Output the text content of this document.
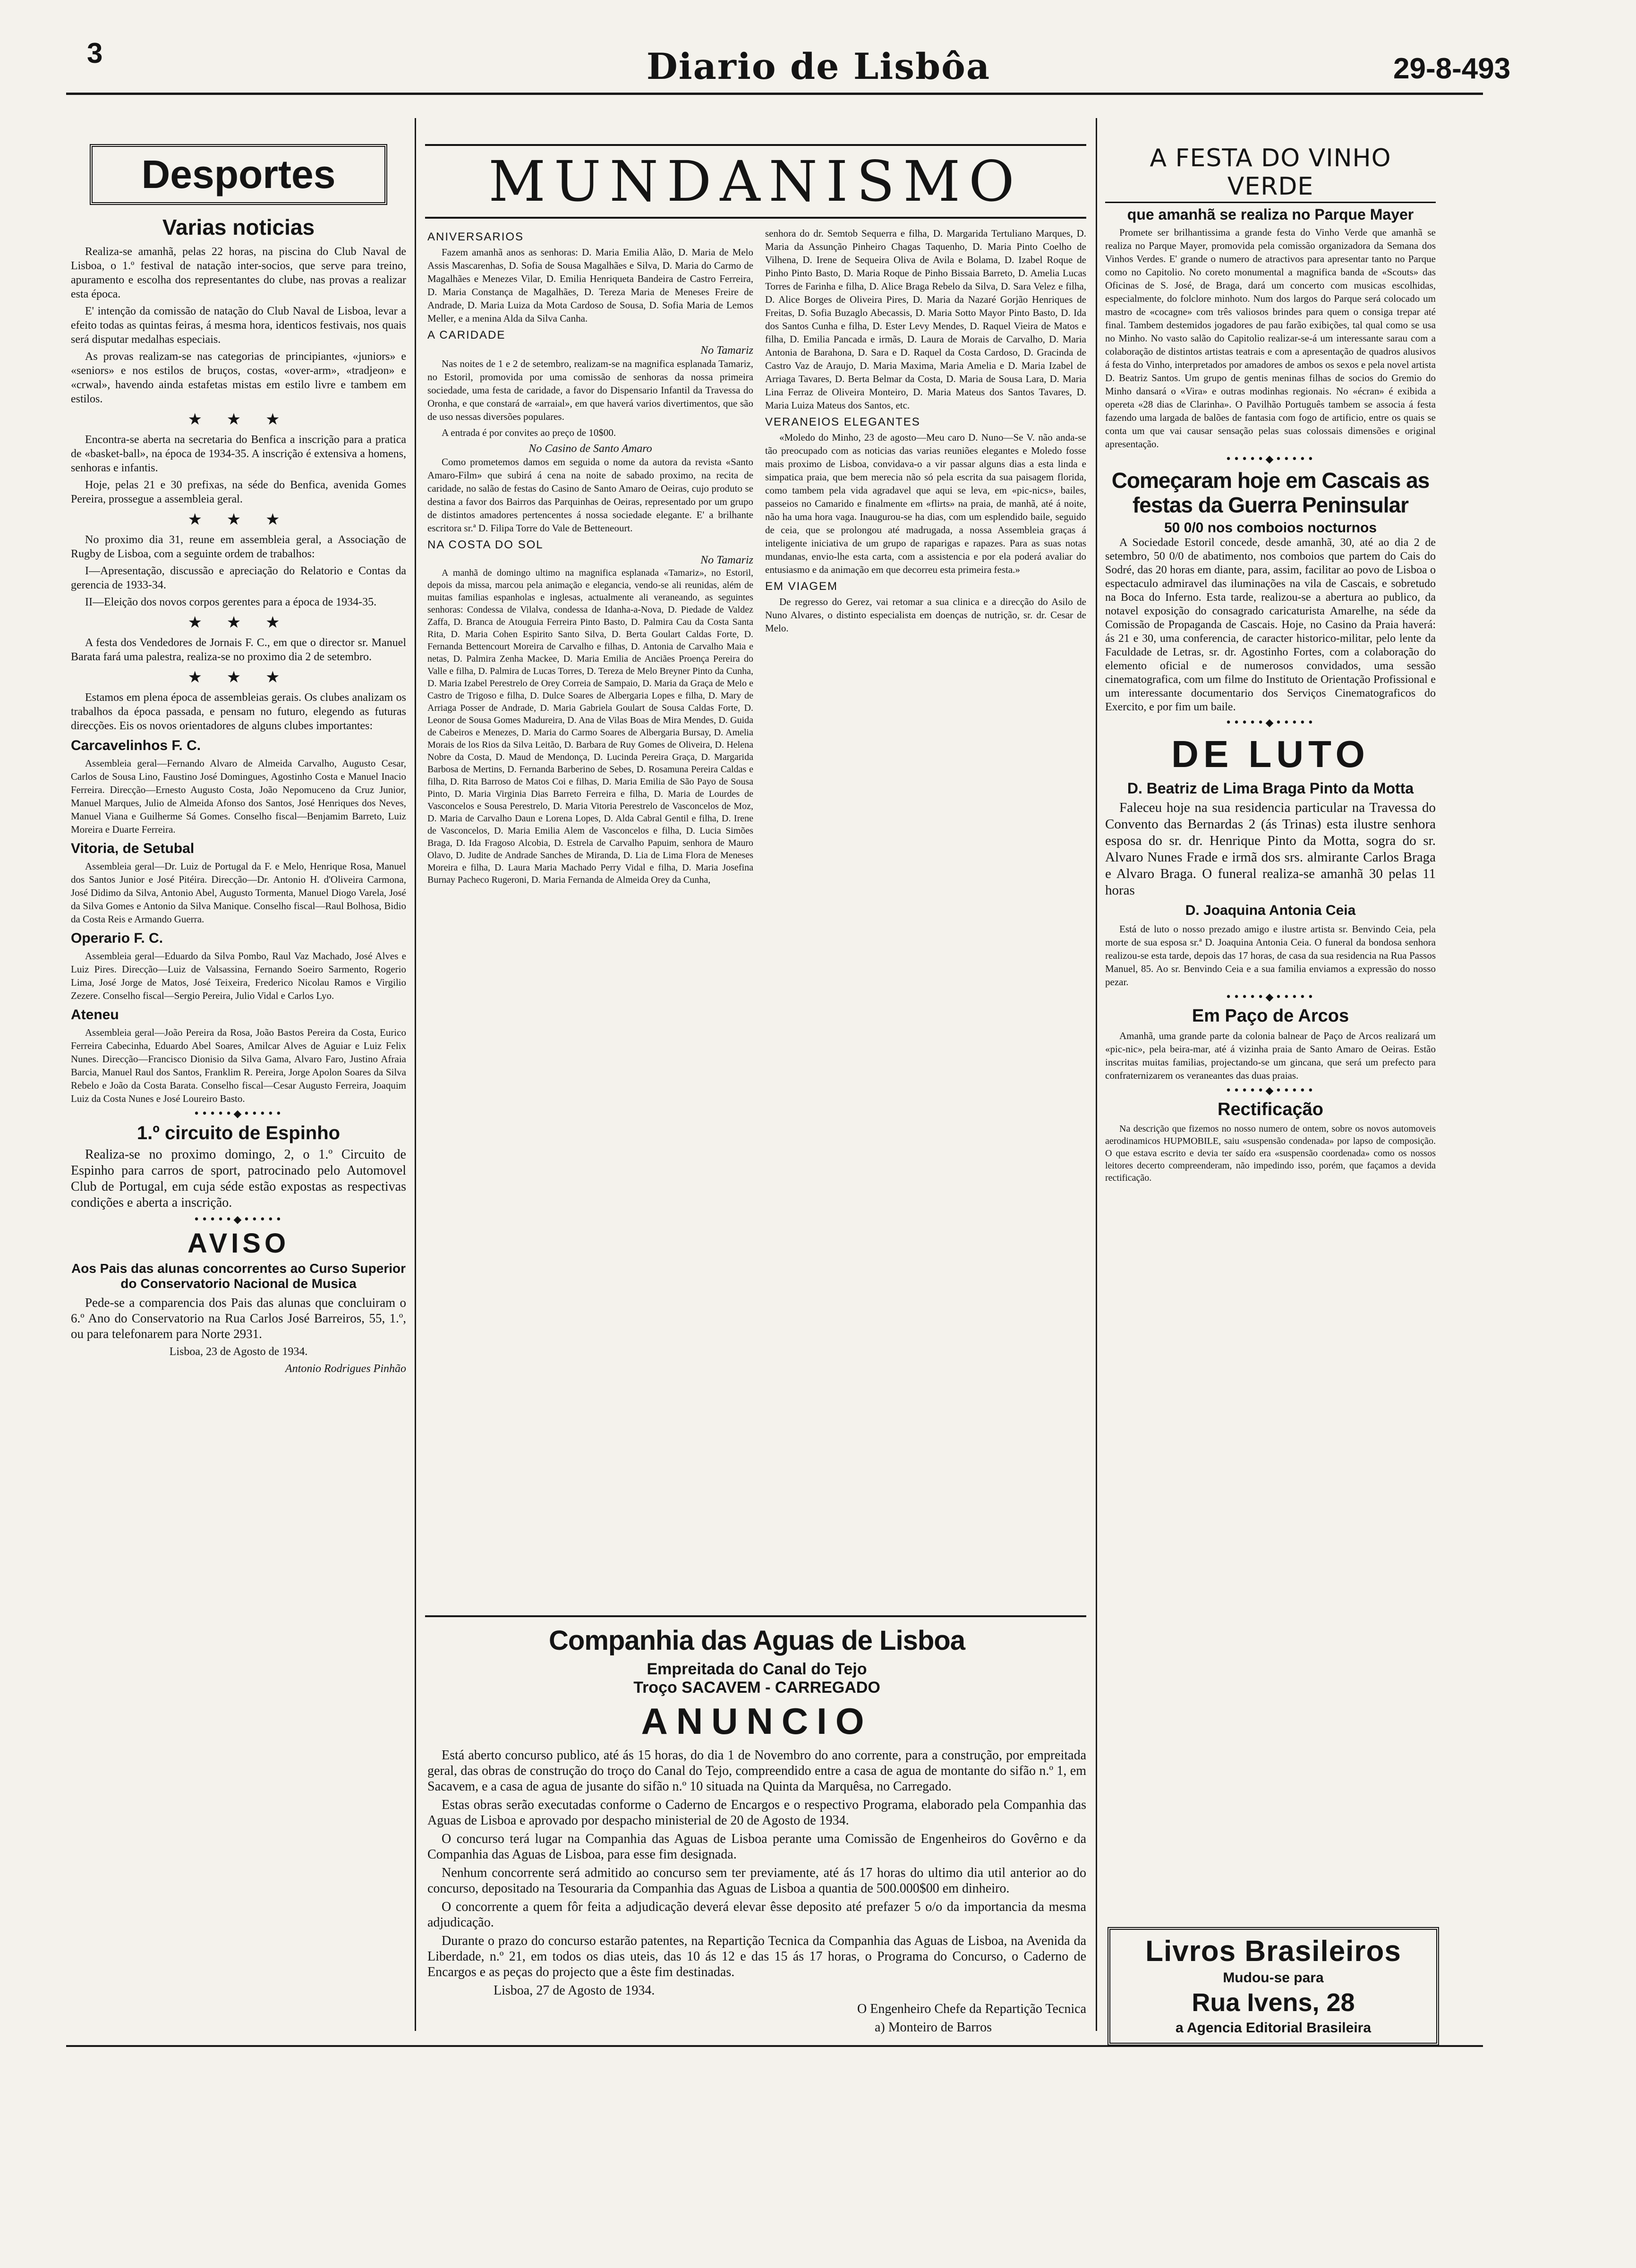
3	Diario de Lisbôa	29-8-493
Desportes
Varias noticias

Realiza-se amanhã, pelas 22 horas, na piscina do Club Naval de Lisboa, o 1.º festival de natação inter-socios, que serve para treino, apuramento e escolha dos representantes do clube, nas provas a realizar esta época.

E' intenção da comissão de natação do Club Naval de Lisboa, levar a efeito todas as quintas feiras, á mesma hora, identicos festivais, nos quais será disputar medalhas especiais.

As provas realizam-se nas categorias de principiantes, «juniors» e «seniors» e nos estilos de bruços, costas, «over-arm», «tradjeon» e «crwal», havendo ainda estafetas mistas em estilo livre e tambem em estilos.

★ ★ ★

Encontra-se aberta na secretaria do Benfica a inscrição para a pratica de «basket-ball», na época de 1934-35. A inscrição é extensiva a homens, senhoras e infantis.

Hoje, pelas 21 e 30 prefixas, na séde do Benfica, avenida Gomes Pereira, prossegue a assembleia geral.

★ ★ ★

No proximo dia 31, reune em assembleia geral, a Associação de Rugby de Lisboa, com a seguinte ordem de trabalhos:

I—Apresentação, discussão e apreciação do Relatorio e Contas da gerencia de 1933-34.

II—Eleição dos novos corpos gerentes para a época de 1934-35.

★ ★ ★

A festa dos Vendedores de Jornais F. C., em que o director sr. Manuel Barata fará uma palestra, realiza-se no proximo dia 2 de setembro.

★ ★ ★

Estamos em plena época de assembleias gerais. Os clubes analizam os trabalhos da época passada, e pensam no futuro, elegendo as futuras direcções. Eis os novos orientadores de alguns clubes importantes:

Carcavelinhos F. C.

Assembleia geral—Fernando Alvaro de Almeida Carvalho, Augusto Cesar, Carlos de Sousa Lino, Faustino José Domingues, Agostinho Costa e Manuel Inacio Ferreira. Direcção—Ernesto Augusto Costa, João Nepomuceno da Cruz Junior, Manuel Marques, Julio de Almeida Afonso dos Santos, José Henriques dos Neves, Manuel Viana e Guilherme Sá Gomes. Conselho fiscal—Benjamim Barreto, Luiz Moreira e Duarte Ferreira.

Vitoria, de Setubal

Assembleia geral—Dr. Luiz de Portugal da F. e Melo, Henrique Rosa, Manuel dos Santos Junior e José Pitéira. Direcção—Dr. Antonio H. d'Oliveira Carmona, José Didimo da Silva, Antonio Abel, Augusto Tormenta, Manuel Diogo Varela, José da Silva Gomes e Antonio da Silva Manique. Conselho fiscal—Raul Bolhosa, Bidio da Costa Reis e Armando Guerra.

Operario F. C.

Assembleia geral—Eduardo da Silva Pombo, Raul Vaz Machado, José Alves e Luiz Pires. Direcção—Luiz de Valsassina, Fernando Soeiro Sarmento, Rogerio Lima, José Jorge de Matos, José Teixeira, Frederico Nicolau Ramos e Virgilio Zezere. Conselho fiscal—Sergio Pereira, Julio Vidal e Carlos Lyo.

Ateneu

Assembleia geral—João Pereira da Rosa, João Bastos Pereira da Costa, Eurico Ferreira Cabecinha, Eduardo Abel Soares, Amilcar Alves de Aguiar e Luiz Felix Nunes. Direcção—Francisco Dionisio da Silva Gama, Alvaro Faro, Justino Afraia Barcia, Manuel Raul dos Santos, Franklim R. Pereira, Jorge Apolon Soares da Silva Rebelo e João da Costa Barata. Conselho fiscal—Cesar Augusto Ferreira, Joaquim Luiz da Costa Nunes e José Loureiro Basto.

•••••◆•••••
1.º circuito de Espinho

Realiza-se no proximo domingo, 2, o 1.º Circuito de Espinho para carros de sport, patrocinado pelo Automovel Club de Portugal, em cuja séde estão expostas as respectivas condições e aberta a inscrição.

•••••◆•••••
AVISO
Aos Pais das alunas concorrentes ao Curso Superior do Conservatorio Nacional de Musica

Pede-se a comparencia dos Pais das alunas que concluiram o 6.º Ano do Conservatorio na Rua Carlos José Barreiros, 55, 1.º, ou para telefonarem para Norte 2931.

Lisboa, 23 de Agosto de 1934.

Antonio Rodrigues Pinhão

MUNDANISMO
ANIVERSARIOS

Fazem amanhã anos as senhoras: D. Maria Emilia Alão, D. Maria de Melo Assis Mascarenhas, D. Sofia de Sousa Magalhães e Silva, D. Maria do Carmo de Magalhães e Menezes Vilar, D. Emilia Henriqueta Bandeira de Castro Ferreira, D. Maria Constança de Magalhães, D. Tereza Maria de Meneses Freire de Andrade, D. Maria Luiza da Mota Cardoso de Sousa, D. Sofia Maria de Lemos Meller, e a menina Alda da Silva Canha.

A CARIDADE
No Tamariz

Nas noites de 1 e 2 de setembro, realizam-se na magnifica esplanada Tamariz, no Estoril, promovida por uma comissão de senhoras da nossa primeira sociedade, uma festa de caridade, a favor do Dispensario Infantil da Travessa do Oronha, e que constará de «arraial», em que haverá varios divertimentos, que são de uso nessas diversões populares.

A entrada é por convites ao preço de 10$00.

No Casino de Santo Amaro

Como prometemos damos em seguida o nome da autora da revista «Santo Amaro-Film» que subirá á cena na noite de sabado proximo, na recita de caridade, no salão de festas do Casino de Santo Amaro de Oeiras, cujo produto se destina a favor dos Bairros das Parquinhas de Oeiras, representado por um grupo de distintos amadores pertencentes á nossa sociedade elegante. E' a brilhante escritora sr.ª D. Filipa Torre do Vale de Betteneourt.

NA COSTA DO SOL
No Tamariz

A manhã de domingo ultimo na magnifica esplanada «Tamariz», no Estoril, depois da missa, marcou pela animação e elegancia, vendo-se ali reunidas, além de muitas familias espanholas e inglesas, actualmente ali veraneando, as seguintes senhoras: Condessa de Vilalva, condessa de Idanha-a-Nova, D. Piedade de Valdez Zaffa, D. Branca de Atouguia Ferreira Pinto Basto, D. Palmira Cau da Costa Santa Rita, D. Maria Cohen Espirito Santo Silva, D. Berta Goulart Caldas Forte, D. Fernanda Bettencourt Moreira de Carvalho e filhas, D. Antonia de Carvalho Maia e netas, D. Palmira Zenha Mackee, D. Maria Emilia de Anciães Proença Pereira do Valle e filha, D. Palmira de Lucas Torres, D. Tereza de Melo Breyner Pinto da Cunha, D. Maria Izabel Perestrelo de Orey Correia de Sampaio, D. Maria da Graça de Melo e Castro de Trigoso e filha, D. Dulce Soares de Albergaria Lopes e filha, D. Mary de Arriaga Posser de Andrade, D. Maria Gabriela Goulart de Sousa Caldas Forte, D. Leonor de Sousa Gomes Madureira, D. Ana de Vilas Boas de Mira Mendes, D. Guida de Cabeiros e Menezes, D. Maria do Carmo Soares de Albergaria Bursay, D. Amelia Morais de los Rios da Silva Leitão, D. Barbara de Ruy Gomes de Oliveira, D. Helena Nobre da Costa, D. Maud de Mendonça, D. Lucinda Pereira Graça, D. Margarida Barbosa de Mertins, D. Fernanda Barberino de Sebes, D. Rosamuna Pereira Caldas e filha, D. Rita Barroso de Matos Coi e filhas, D. Maria Emilia de São Payo de Sousa Pinto, D. Maria Virginia Dias Barreto Ferreira e filha, D. Maria de Lourdes de Vasconcelos e Sousa Perestrelo, D. Maria Vitoria Perestrelo de Vasconcelos de Moz, D. Maria de Carvalho Daun e Lorena Lopes, D. Alda Cabral Gentil e filha, D. Irene de Vasconcelos, D. Maria Emilia Alem de Vasconcelos e filha, D. Lucia Simões Braga, D. Ida Fragoso Alcobia, D. Estrela de Carvalho Papuim, senhora de Mauro Olavo, D. Judite de Andrade Sanches de Miranda, D. Lia de Lima Flora de Meneses Moreira e filha, D. Laura Maria Machado Perry Vidal e filha, D. Maria Josefina Burnay Pacheco Rugeroni, D. Maria Fernanda de Almeida Orey da Cunha,

senhora do dr. Semtob Sequerra e filha, D. Margarida Tertuliano Marques, D. Maria da Assunção Pinheiro Chagas Taquenho, D. Maria Pinto Coelho de Vilhena, D. Irene de Sequeira Oliva de Avila e Bolama, D. Izabel Roque de Pinho Pinto Basto, D. Maria Roque de Pinho Bissaia Barreto, D. Amelia Lucas Torres de Farinha e filha, D. Alice Braga Rebelo da Silva, D. Sara Velez e filha, D. Alice Borges de Oliveira Pires, D. Maria da Nazaré Gorjão Henriques de Freitas, D. Sofia Buzaglo Abecassis, D. Maria Sotto Mayor Pinto Basto, D. Ida dos Santos Cunha e filha, D. Ester Levy Mendes, D. Raquel Vieira de Matos e filha, D. Emilia Pancada e irmãs, D. Laura de Morais de Carvalho, D. Maria Antonia de Barahona, D. Sara e D. Raquel da Costa Cardoso, D. Gracinda de Castro Vaz de Araujo, D. Maria Maxima, Maria Amelia e D. Maria Izabel de Arriaga Tavares, D. Berta Belmar da Costa, D. Maria de Sousa Lara, D. Maria Lina Ferraz de Oliveira Monteiro, D. Maria Mateus dos Santos Tavares, D. Maria Luiza Mateus dos Santos, etc.

VERANEIOS ELEGANTES

«Moledo do Minho, 23 de agosto—Meu caro D. Nuno—Se V. não anda-se tão preocupado com as noticias das varias reuniões elegantes e Moledo fosse mais proximo de Lisboa, convidava-o a vir passar alguns dias a esta linda e simpatica praia, que bem merecia não só pela escrita da sua paisagem florida, como tambem pela vida agradavel que aqui se leva, em «pic-nics», bailes, passeios no Camarido e finalmente em «flirts» na praia, de manhã, até á noite, não ha uma hora vaga. Inaugurou-se ha dias, com um esplendido baile, seguido de ceia, que se prolongou até madrugada, a nossa Assembleia graças á inteligente iniciativa de um grupo de raparigas e rapazes. Para as suas notas mundanas, envio-lhe esta carta, com a assistencia e por ela poderá avaliar do entusiasmo e da animação em que decorreu esta primeira festa.»

EM VIAGEM

De regresso do Gerez, vai retomar a sua clinica e a direcção do Asilo de Nuno Alvares, o distinto especialista em doenças de nutrição, sr. dr. Cesar de Melo.

Companhia das Aguas de Lisboa
Empreitada do Canal do Tejo
Troço SACAVEM - CARREGADO
ANUNCIO

Está aberto concurso publico, até ás 15 horas, do dia 1 de Novembro do ano corrente, para a construção, por empreitada geral, das obras de construção do troço do Canal do Tejo, compreendido entre a casa de agua de montante do sifão n.º 1, em Sacavem, e a casa de agua de jusante do sifão n.º 10 situada na Quinta da Marquêsa, no Carregado.

Estas obras serão executadas conforme o Caderno de Encargos e o respectivo Programa, elaborado pela Companhia das Aguas de Lisboa e aprovado por despacho ministerial de 20 de Agosto de 1934.

O concurso terá lugar na Companhia das Aguas de Lisboa perante uma Comissão de Engenheiros do Govêrno e da Companhia das Aguas de Lisboa, para esse fim designada.

Nenhum concorrente será admitido ao concurso sem ter previamente, até ás 17 horas do ultimo dia util anterior ao do concurso, depositado na Tesouraria da Companhia das Aguas de Lisboa a quantia de 500.000$00 em dinheiro.

O concorrente a quem fôr feita a adjudicação deverá elevar êsse deposito até prefazer 5 o/o da importancia da mesma adjudicação.

Durante o prazo do concurso estarão patentes, na Repartição Tecnica da Companhia das Aguas de Lisboa, na Avenida da Liberdade, n.º 21, em todos os dias uteis, das 10 ás 12 e das 15 ás 17 horas, o Programa do Concurso, o Caderno de Encargos e as peças do projecto que a êste fim destinadas.

Lisboa, 27 de Agosto de 1934.

O Engenheiro Chefe da Repartição Tecnica

a) Monteiro de Barros

A FESTA DO VINHO VERDE
que amanhã se realiza no Parque Mayer

Promete ser brilhantissima a grande festa do Vinho Verde que amanhã se realiza no Parque Mayer, promovida pela comissão organizadora da Semana dos Vinhos Verdes. E' grande o numero de atractivos para apresentar tanto no Parque como no Capitolio. No coreto monumental a magnifica banda de «Scouts» das Oficinas de S. José, de Braga, dará um concerto com musicas escolhidas, especialmente, do folclore minhoto. Num dos largos do Parque será colocado um mastro de «cocagne» com três valiosos brindes para quem o consiga trepar até final. Tambem destemidos jogadores de pau farão exibições, tal qual como se usa no Minho. No vasto salão do Capitolio realizar-se-á um interessante sarau com a colaboração de distintos artistas teatrais e com a apresentação de quadros alusivos á festa do Vinho, interpretados por amadores de ambos os sexos e pela novel artista D. Beatriz Santos. Um grupo de gentis meninas filhas de socios do Gremio do Minho dansará o «Vira» e outras modinhas regionais. No «écran» é exibida a opereta «28 dias de Clarinha». O Pavilhão Português tambem se associa á festa fazendo uma largada de balões de fantasia com fogo de artificio, entre os quais se conta um que vai causar sensação pelas suas colossais dimensões e original apresentação.

•••••◆•••••
Começaram hoje em Cascais as festas da Guerra Peninsular
50 0/0 nos comboios nocturnos

A Sociedade Estoril concede, desde amanhã, 30, até ao dia 2 de setembro, 50 0/0 de abatimento, nos comboios que partem do Cais do Sodré, das 20 horas em diante, para, assim, facilitar ao povo de Lisboa o espectaculo admiravel das iluminações na vila de Cascais, e sobretudo na Boca do Inferno. Esta tarde, realizou-se a abertura ao publico, da notavel exposição do consagrado caricaturista Amarelhe, na séde da Comissão de Propaganda de Cascais. Hoje, no Casino da Praia haverá: ás 21 e 30, uma conferencia, de caracter historico-militar, pelo lente da Faculdade de Letras, sr. dr. Agostinho Fortes, com a colaboração do elemento oficial e de numerosos convidados, uma sessão cinematografica, com um filme do Instituto de Orientação Profissional e um interessante documentario dos Serviços Cinematograficos do Exercito, e por fim um baile.

•••••◆•••••
DE LUTO
D. Beatriz de Lima Braga Pinto da Motta

Faleceu hoje na sua residencia particular na Travessa do Convento das Bernardas 2 (ás Trinas) esta ilustre senhora esposa do sr. dr. Henrique Pinto da Motta, sogra do sr. Alvaro Nunes Frade e irmã dos srs. almirante Carlos Braga e Alvaro Braga. O funeral realiza-se amanhã 30 pelas 11 horas

D. Joaquina Antonia Ceia

Está de luto o nosso prezado amigo e ilustre artista sr. Benvindo Ceia, pela morte de sua esposa sr.ª D. Joaquina Antonia Ceia. O funeral da bondosa senhora realizou-se esta tarde, depois das 17 horas, de casa da sua residencia na Rua Passos Manuel, 85. Ao sr. Benvindo Ceia e a sua familia enviamos a expressão do nosso pezar.

•••••◆•••••
Em Paço de Arcos

Amanhã, uma grande parte da colonia balnear de Paço de Arcos realizará um «pic-nic», pela beira-mar, até á vizinha praia de Santo Amaro de Oeiras. Estão inscritas muitas familias, projectando-se um gincana, que será um prefecto para confraternizarem os veraneantes das duas praias.

•••••◆•••••
Rectificação

Na descrição que fizemos no nosso numero de ontem, sobre os novos automoveis aerodinamicos HUPMOBILE, saiu «suspensão condenada» por lapso de composição. O que estava escrito e devia ter saído era «suspensão coordenada» como os nossos leitores decerto compreenderam, não impedindo isso, porém, que façamos a devida rectificação.

Livros Brasileiros
Mudou-se para
Rua Ivens, 28
a Agencia Editorial Brasileira
